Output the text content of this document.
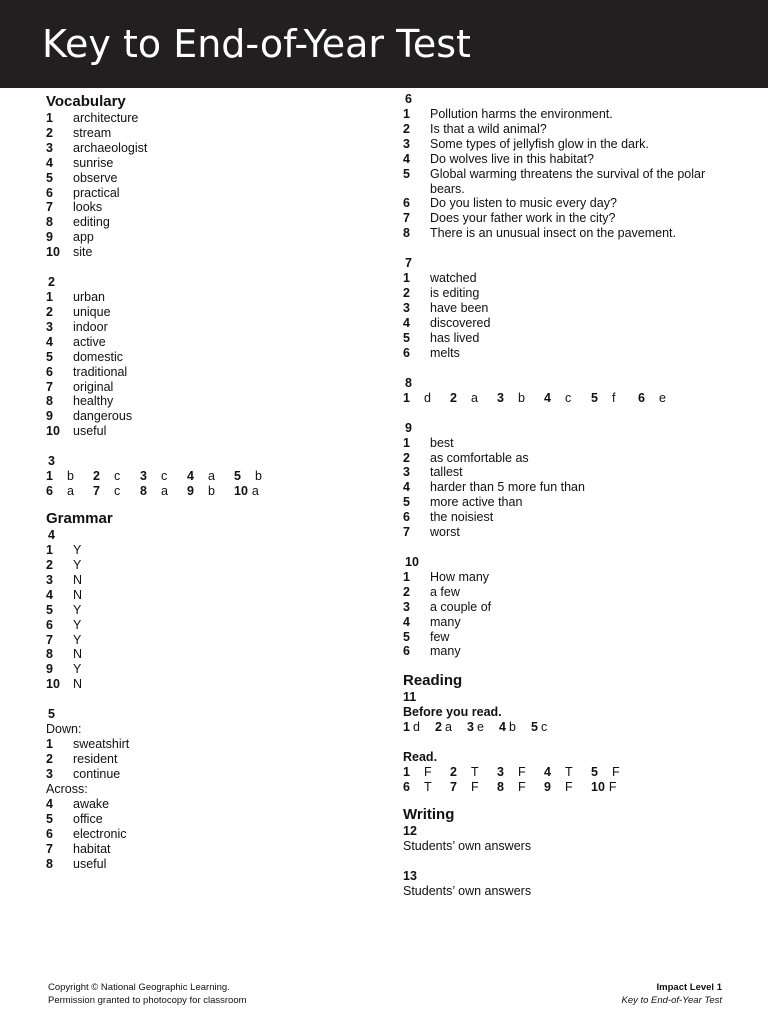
Key to End-of-Year Test
Vocabulary
1	architecture
2	stream
3	archaeologist
4	sunrise
5	observe
6	practical
7	looks
8	editing
9	app
10	site
2
1	urban
2	unique
3	indoor
4	active
5	domestic
6	traditional
7	original
8	healthy
9	dangerous
10	useful
3
1 b 2 c 3 c 4 a 5 b
6 a 7 c 8 a 9 b 10 a
Grammar
4
1	Y
2	Y
3	N
4	N
5	Y
6	Y
7	Y
8	N
9	Y
10	N
5
Down:
1	sweatshirt
2	resident
3	continue
Across:
4	awake
5	office
6	electronic
7	habitat
8	useful
6
1	Pollution harms the environment.
2	Is that a wild animal?
3	Some types of jellyfish glow in the dark.
4	Do wolves live in this habitat?
5	Global warming threatens the survival of the polar bears.
6	Do you listen to music every day?
7	Does your father work in the city?
8	There is an unusual insect on the pavement.
7
1	watched
2	is editing
3	have been
4	discovered
5	has lived
6	melts
8
1 d 2 a 3 b 4 c 5 f 6 e
9
1	best
2	as comfortable as
3	tallest
4	harder than 5 more fun than
5	more active than
6	the noisiest
7	worst
10
1	How many
2	a few
3	a couple of
4	many
5	few
6	many
Reading
11
Before you read.
1 d 2 a 3 e 4 b 5 c
Read.
1 F 2 T 3 F 4 T 5 F
6 T 7 F 8 F 9 F 10 F
Writing
12
Students’ own answers
13
Students’ own answers
Copyright © National Geographic Learning.
Permission granted to photocopy for classroom
Impact Level 1
Key to End-of-Year Test
